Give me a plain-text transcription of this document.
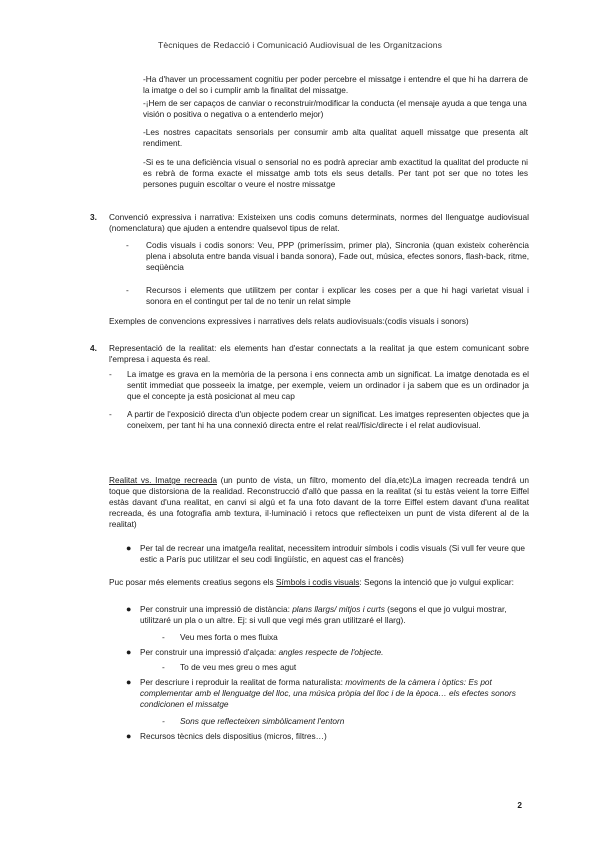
Tècniques de Redacció i Comunicació Audiovisual de les Organitzacions

-Ha d'haver un processament cognitiu per poder percebre el missatge i entendre el que hi ha darrera de la imatge o del so i cumplir amb la finalitat del missatge.

-¡Hem de ser capaços de canviar o reconstruir/modificar la conducta (el mensaje ayuda a que tenga una visión o positiva o negativa o a entenderlo mejor)

-Les nostres capacitats sensorials per consumir amb alta qualitat aquell missatge que presenta alt rendiment.

-Si es te una deficiència visual o sensorial no es podrà apreciar amb exactitud la qualitat del producte ni es rebrà de forma exacte el missatge amb tots els seus detalls. Per tant pot ser que no totes les persones puguin escoltar o veure el nostre missatge

3. Convenció expressiva i narrativa: Existeixen uns codis comuns determinats, normes del llenguatge audiovisual (nomenclatura) que ajuden a entendre qualsevol tipus de relat.

-	Codis visuals i codis sonors: Veu, PPP (primeríssim, primer pla), Sincronia (quan existeix coherència plena i absoluta entre banda visual i banda sonora), Fade out, música, efectes sonors, flash-back, ritme, seqüència
-	Recursos i elements que utilitzem per contar i explicar les coses per a que hi hagi varietat visual i sonora en el contingut per tal de no tenir un relat simple

Exemples de convencions expressives i narratives dels relats audiovisuals:(codis visuals i sonors)

4. Representació de la realitat: els elements han d'estar connectats a la realitat ja que estem comunicant sobre l'empresa i aquesta és real.

-	La imatge es grava en la memòria de la persona i ens connecta amb un significat. La imatge denotada es el sentit immediat que posseeix la imatge, per exemple, veiem un ordinador i ja sabem que es un ordinador ja que el concepte ja està posicionat al meu cap
-	A partir de l'exposició directa d'un objecte podem crear un significat. Les imatges representen objectes que ja coneixem, per tant hi ha una connexió directa entre el relat real/físic/directe i el relat audiovisual.

Realitat vs. Imatge recreada (un punto de vista, un filtro, momento del día,etc)La imagen recreada tendrá un toque que distorsiona de la realidad. Reconstrucció d'allò que passa en la realitat (si tu estàs veient la torre Eiffel estàs davant d'una realitat, en canvi si algú et fa una foto davant de la torre Eiffel estem davant d'una realitat recreada, és una fotografia amb textura, il·luminació i retocs que reflecteixen un punt de vista diferent al de la realitat)

●	Per tal de recrear una imatge/la realitat, necessitem introduir símbols i codis visuals (Si vull fer veure que estic a París puc utilitzar el seu codi lingüístic, en aquest cas el francès)

Puc posar més elements creatius segons els Símbols i codis visuals: Segons la intenció que jo vulgui explicar:

●	Per construir una impressió de distància: plans llargs/ mitjos i curts (segons el que jo vulgui mostrar, utilitzaré un pla o un altre. Ej: si vull que vegi més gran utilitzaré el llarg).
-	Veu mes forta o mes fluixa
●	Per construir una impressió d'alçada: angles respecte de l'objecte.
-	To de veu mes greu o mes agut
●	Per descriure i reproduir la realitat de forma naturalista: moviments de la càmera i òptics: Es pot complementar amb el llenguatge del lloc, una música pròpia del lloc i de la època… els efectes sonors condicionen el missatge
-	Sons que reflecteixen simbòlicament l'entorn
●	Recursos tècnics dels dispositius (micros, filtres…)
2
